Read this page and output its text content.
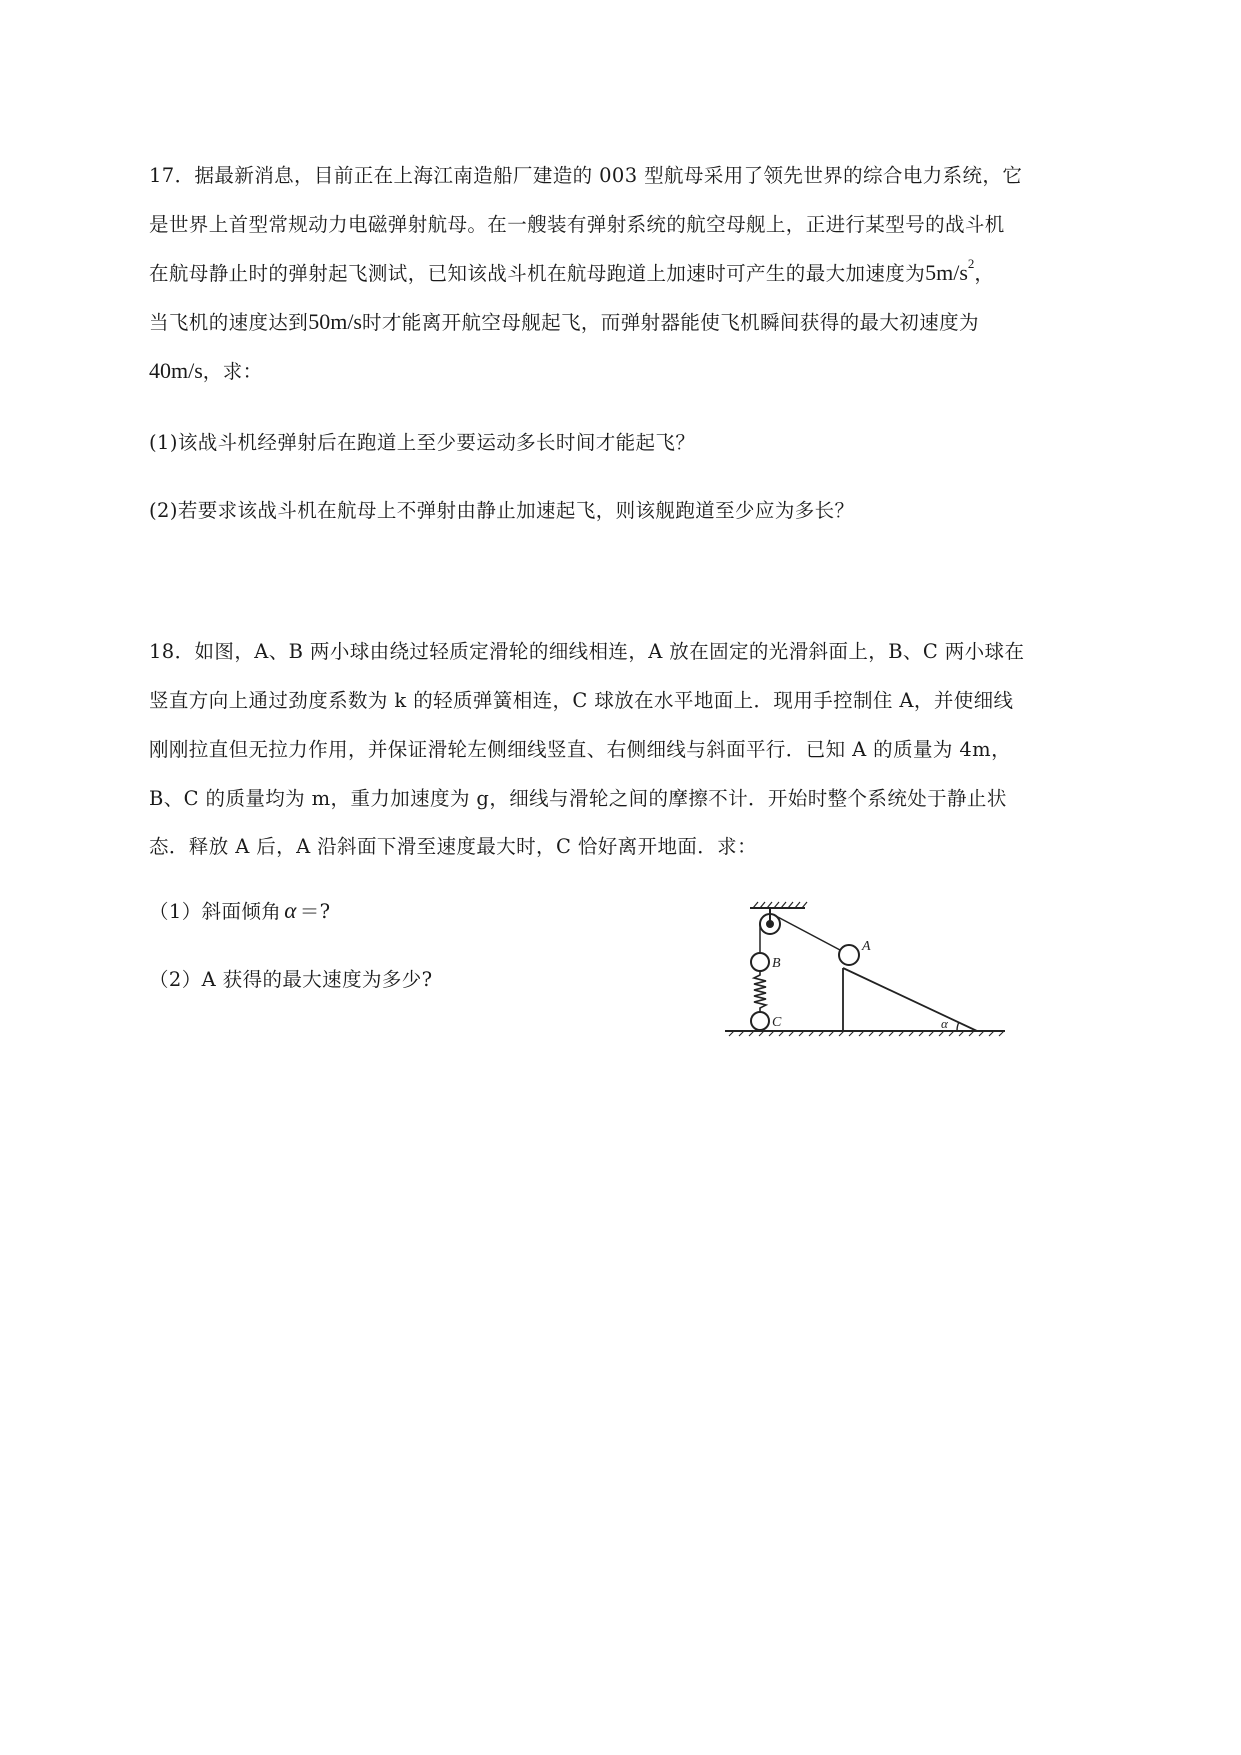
17．据最新消息，目前正在上海江南造船厂建造的 003 型航母采用了领先世界的综合电力系统，它
是世界上首型常规动力电磁弹射航母。在一艘装有弹射系统的航空母舰上，正进行某型号的战斗机
在航母静止时的弹射起飞测试，已知该战斗机在航母跑道上加速时可产生的最大加速度为$5m/s^2$，
当飞机的速度达到50m/s时才能离开航空母舰起飞，而弹射器能使飞机瞬间获得的最大初速度为
40m/s，求：
(1)该战斗机经弹射后在跑道上至少要运动多长时间才能起飞？
(2)若要求该战斗机在航母上不弹射由静止加速起飞，则该舰跑道至少应为多长？
18．如图，A、B 两小球由绕过轻质定滑轮的细线相连，A 放在固定的光滑斜面上，B、C 两小球在
竖直方向上通过劲度系数为 k 的轻质弹簧相连，C 球放在水平地面上．现用手控制住 A，并使细线
刚刚拉直但无拉力作用，并保证滑轮左侧细线竖直、右侧细线与斜面平行．已知 A 的质量为 4m，
B、C 的质量均为 m，重力加速度为 g，细线与滑轮之间的摩擦不计．开始时整个系统处于静止状
态．释放 A 后，A 沿斜面下滑至速度最大时，C 恰好离开地面．求：
（1）斜面倾角 α ＝?
（2）A 获得的最大速度为多少?
A
B
C	α
